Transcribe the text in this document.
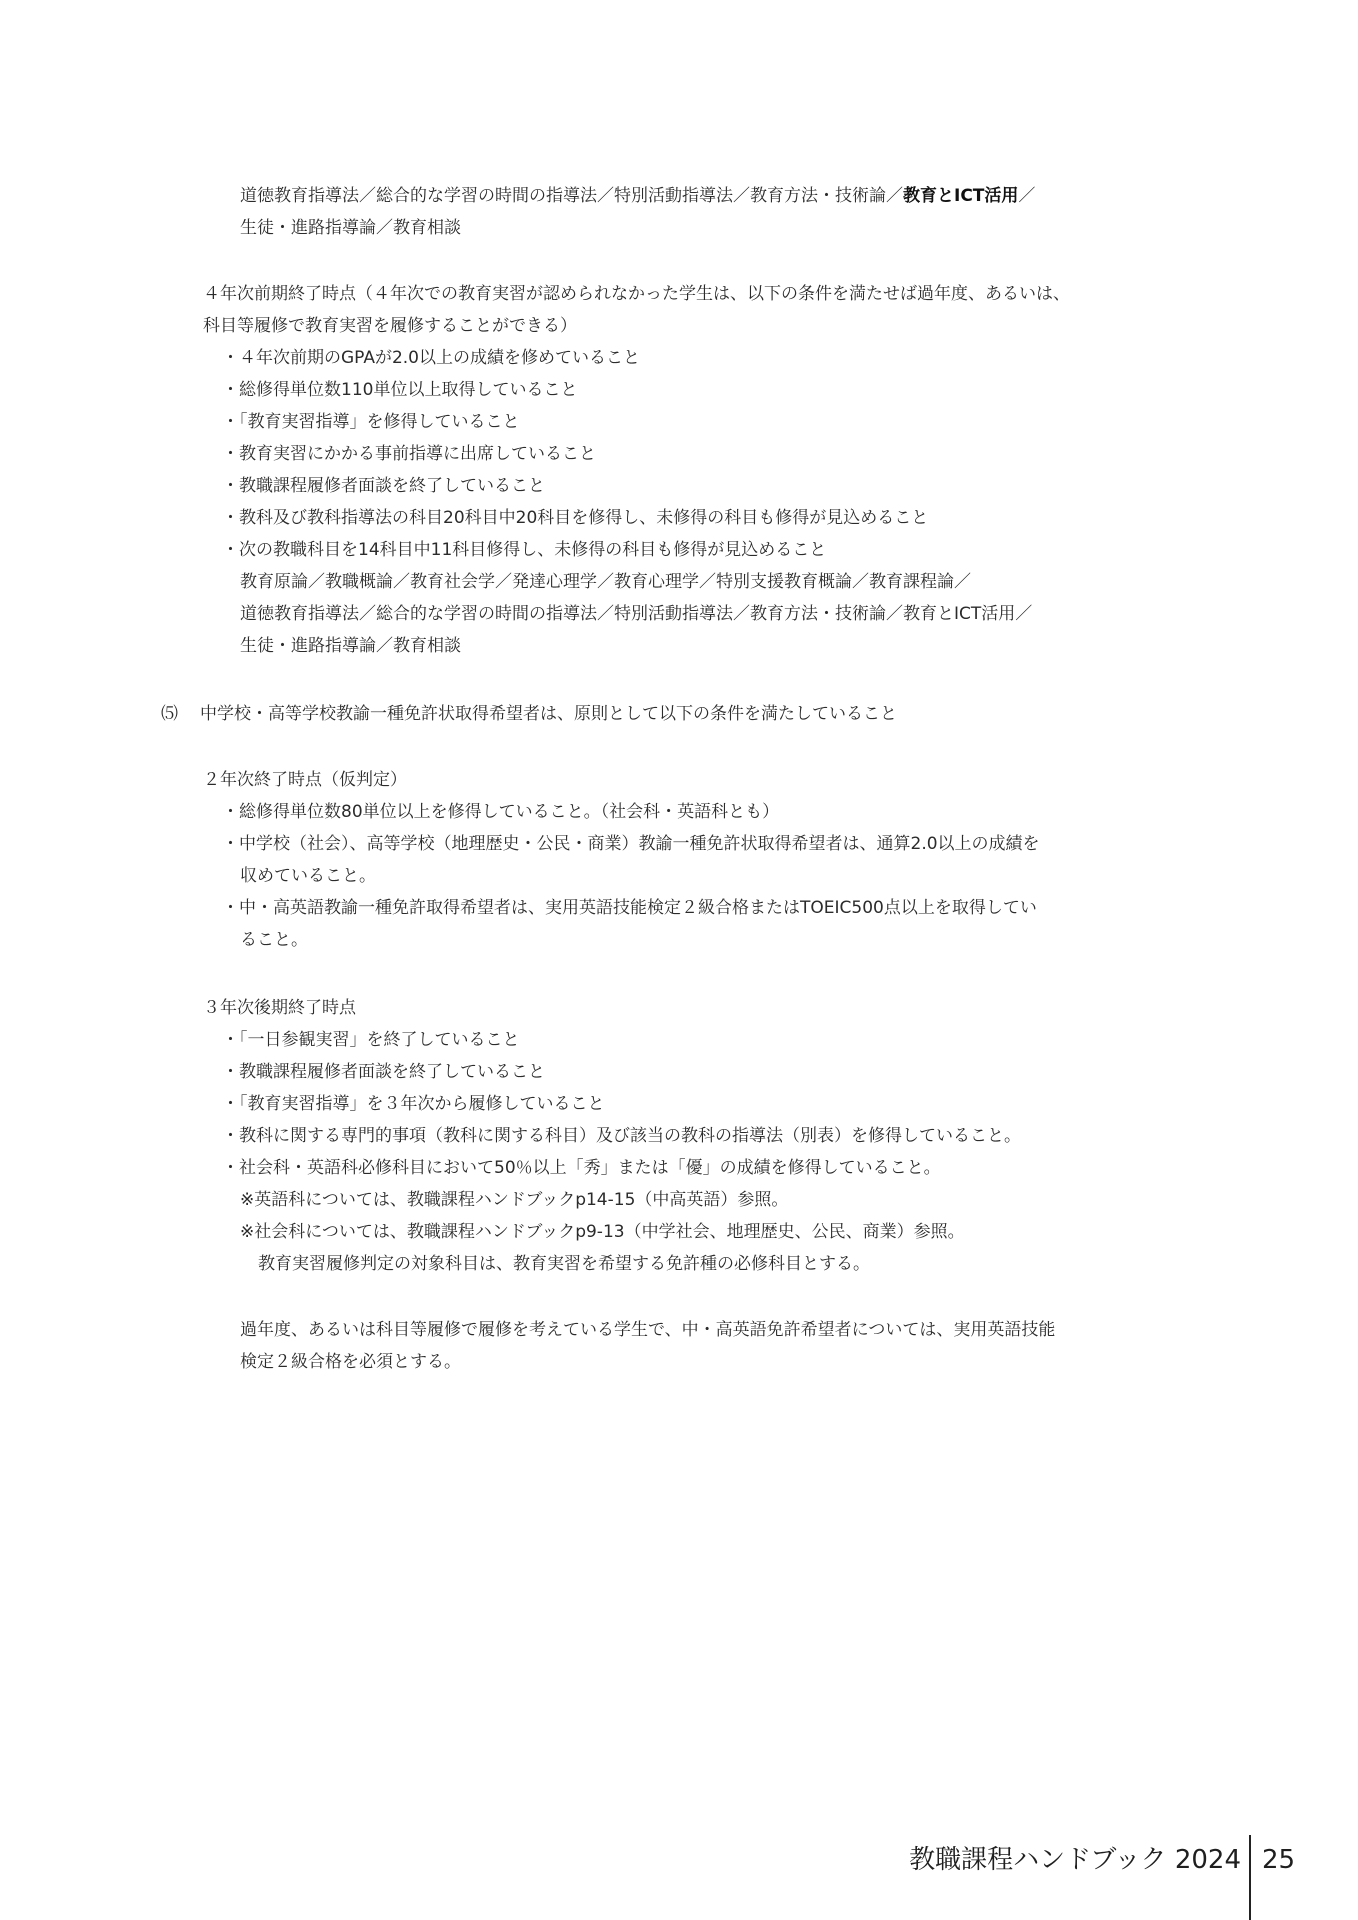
道徳教育指導法／総合的な学習の時間の指導法／特別活動指導法／教育方法・技術論／教育とICT活用／
生徒・進路指導論／教育相談
４年次前期終了時点（４年次での教育実習が認められなかった学生は、以下の条件を満たせば過年度、あるいは、
科目等履修で教育実習を履修することができる）
・４年次前期のGPAが2.0以上の成績を修めていること
・総修得単位数110単位以上取得していること
・「教育実習指導」を修得していること
・教育実習にかかる事前指導に出席していること
・教職課程履修者面談を終了していること
・教科及び教科指導法の科目20科目中20科目を修得し、未修得の科目も修得が見込めること
・次の教職科目を14科目中11科目修得し、未修得の科目も修得が見込めること
教育原論／教職概論／教育社会学／発達心理学／教育心理学／特別支援教育概論／教育課程論／
道徳教育指導法／総合的な学習の時間の指導法／特別活動指導法／教育方法・技術論／教育とICT活用／
生徒・進路指導論／教育相談
⑸ 中学校・高等学校教諭一種免許状取得希望者は、原則として以下の条件を満たしていること
２年次終了時点（仮判定）
・総修得単位数80単位以上を修得していること。（社会科・英語科とも）
・中学校（社会）、高等学校（地理歴史・公民・商業）教諭一種免許状取得希望者は、通算2.0以上の成績を
収めていること。
・中・高英語教諭一種免許取得希望者は、実用英語技能検定２級合格またはTOEIC500点以上を取得してい
ること。
３年次後期終了時点
・「一日参観実習」を終了していること
・教職課程履修者面談を終了していること
・「教育実習指導」を３年次から履修していること
・教科に関する専門的事項（教科に関する科目）及び該当の教科の指導法（別表）を修得していること。
・社会科・英語科必修科目において50％以上「秀」または「優」の成績を修得していること。
※英語科については、教職課程ハンドブックp14-15（中高英語）参照。
※社会科については、教職課程ハンドブックp9-13（中学社会、地理歴史、公民、商業）参照。
教育実習履修判定の対象科目は、教育実習を希望する免許種の必修科目とする。
過年度、あるいは科目等履修で履修を考えている学生で、中・高英語免許希望者については、実用英語技能
検定２級合格を必須とする。
教職課程ハンドブック 2024 25
